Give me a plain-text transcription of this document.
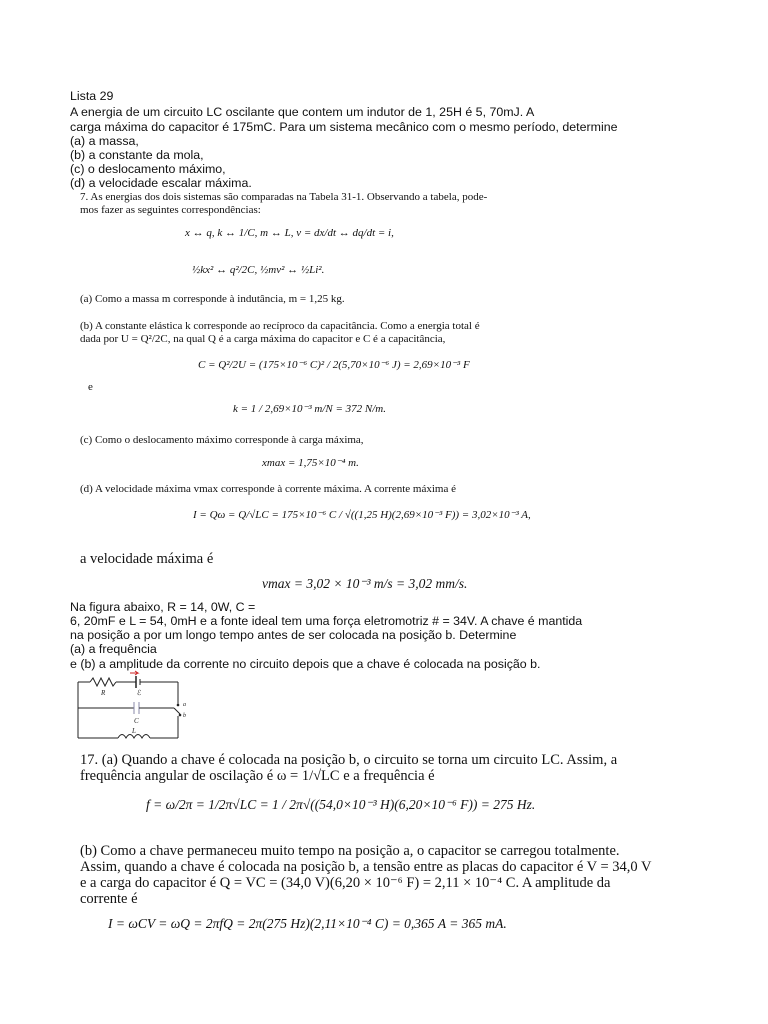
Lista 29
A energia de um circuito LC oscilante que contem um indutor de 1, 25H é 5, 70mJ. A
carga máxima do capacitor é 175mC. Para um sistema mecânico com o mesmo período, determine
(a) a massa,
(b) a constante da mola,
(c) o deslocamento máximo,
(d) a velocidade escalar máxima.
7. As energias dos dois sistemas são comparadas na Tabela 31-1. Observando a tabela, pode-
mos fazer as seguintes correspondências:
x ↔ q, k ↔ 1/C, m ↔ L, v = dx/dt ↔ dq/dt = i,
½kx² ↔ q²/2C, ½mv² ↔ ½Li².
(a) Como a massa m corresponde à indutância, m = 1,25 kg.
(b) A constante elástica k corresponde ao recíproco da capacitância. Como a energia total é
dada por U = Q²/2C, na qual Q é a carga máxima do capacitor e C é a capacitância,
C = Q²/2U = (175×10⁻⁶ C)² / 2(5,70×10⁻⁶ J) = 2,69×10⁻³ F
e
k = 1 / 2,69×10⁻³ m/N = 372 N/m.
(c) Como o deslocamento máximo corresponde à carga máxima,
xmax = 1,75×10⁻⁴ m.
(d) A velocidade máxima vmax corresponde à corrente máxima. A corrente máxima é
I = Qω = Q/√LC = 175×10⁻⁶ C / √((1,25 H)(2,69×10⁻³ F)) = 3,02×10⁻³ A,
a velocidade máxima é
vmax = 3,02 × 10⁻³ m/s = 3,02 mm/s.
Na figura abaixo, R = 14, 0W, C =
6, 20mF e L = 54, 0mH e a fonte ideal tem uma força eletromotriz # = 34V. A chave é mantida
na posição a por um longo tempo antes de ser colocada na posição b. Determine
(a) a frequência
e (b) a amplitude da corrente no circuito depois que a chave é colocada na posição b.
R	ℰ
C
L
a
b
17. (a) Quando a chave é colocada na posição b, o circuito se torna um circuito LC. Assim, a
frequência angular de oscilação é ω = 1/√LC e a frequência é
f = ω/2π = 1/2π√LC = 1 / 2π√((54,0×10⁻³ H)(6,20×10⁻⁶ F)) = 275 Hz.
(b) Como a chave permaneceu muito tempo na posição a, o capacitor se carregou totalmente.
Assim, quando a chave é colocada na posição b, a tensão entre as placas do capacitor é V = 34,0 V
e a carga do capacitor é Q = VC = (34,0 V)(6,20 × 10⁻⁶ F) = 2,11 × 10⁻⁴ C. A amplitude da
corrente é
I = ωCV = ωQ = 2πfQ = 2π(275 Hz)(2,11×10⁻⁴ C) = 0,365 A = 365 mA.
